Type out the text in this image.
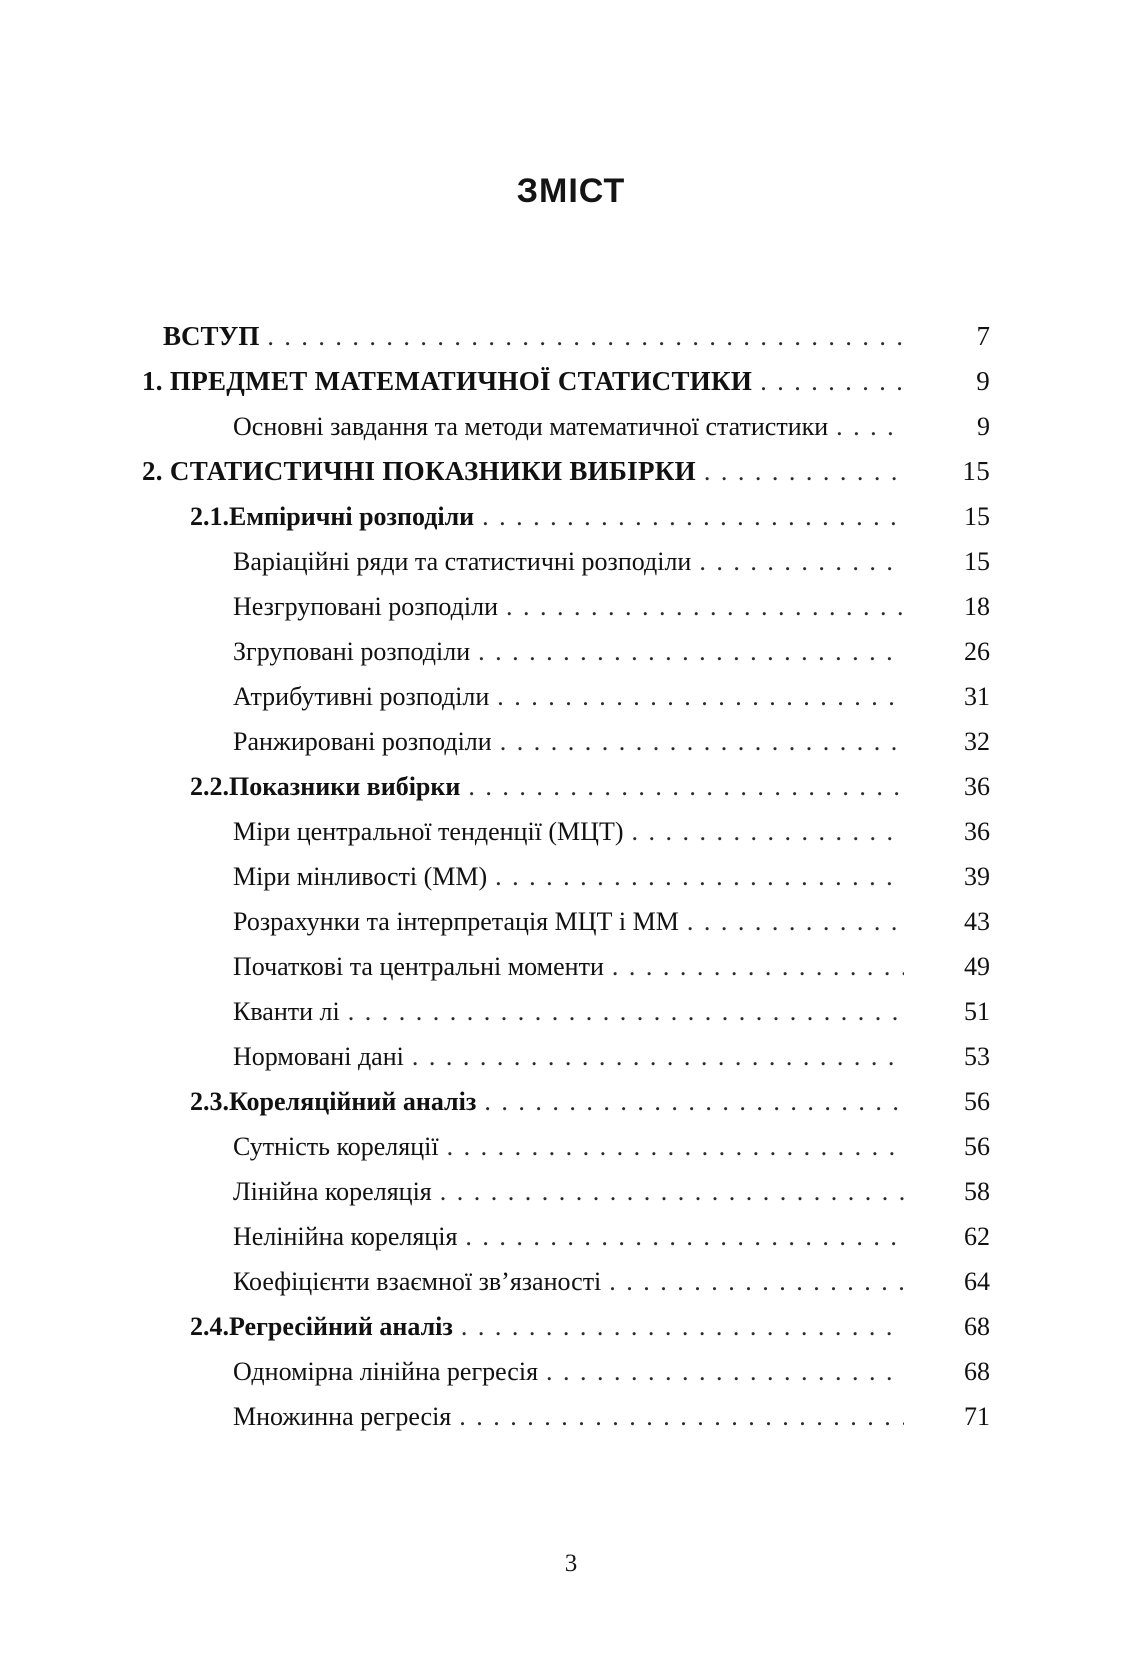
ЗМІСТ
ВСТУП . . .	7
1. ПРЕДМЕТ МАТЕМАТИЧНОЇ СТАТИСТИКИ . . .	9
Основні завдання та методи математичної статистики . . .	9
2. СТАТИСТИЧНІ ПОКАЗНИКИ ВИБІРКИ . . .	15
2.1.Емпіричні розподіли . . .	15
Варіаційні ряди та статистичні розподіли . . .	15
Незгруповані розподіли . . .	18
Згруповані розподіли . . .	26
Атрибутивні розподіли . . .	31
Ранжировані розподіли . . .	32
2.2.Показники вибірки . . .	36
Міри центральної тенденції (МЦТ) . . .	36
Міри мінливості (ММ) . . .	39
Розрахунки та інтерпретація МЦТ і ММ . . .	43
Початкові та центральні моменти . . .	49
Кванти лі . . .	51
Нормовані дані . . .	53
2.3.Кореляційний аналіз . . .	56
Сутність кореляції . . .	56
Лінійна кореляція . . .	58
Нелінійна кореляція . . .	62
Коефіцієнти взаємної зв’язаності . . .	64
2.4.Регресійний аналіз . . .	68
Одномірна лінійна регресія . . .	68
Множинна регресія . . .	71
3
